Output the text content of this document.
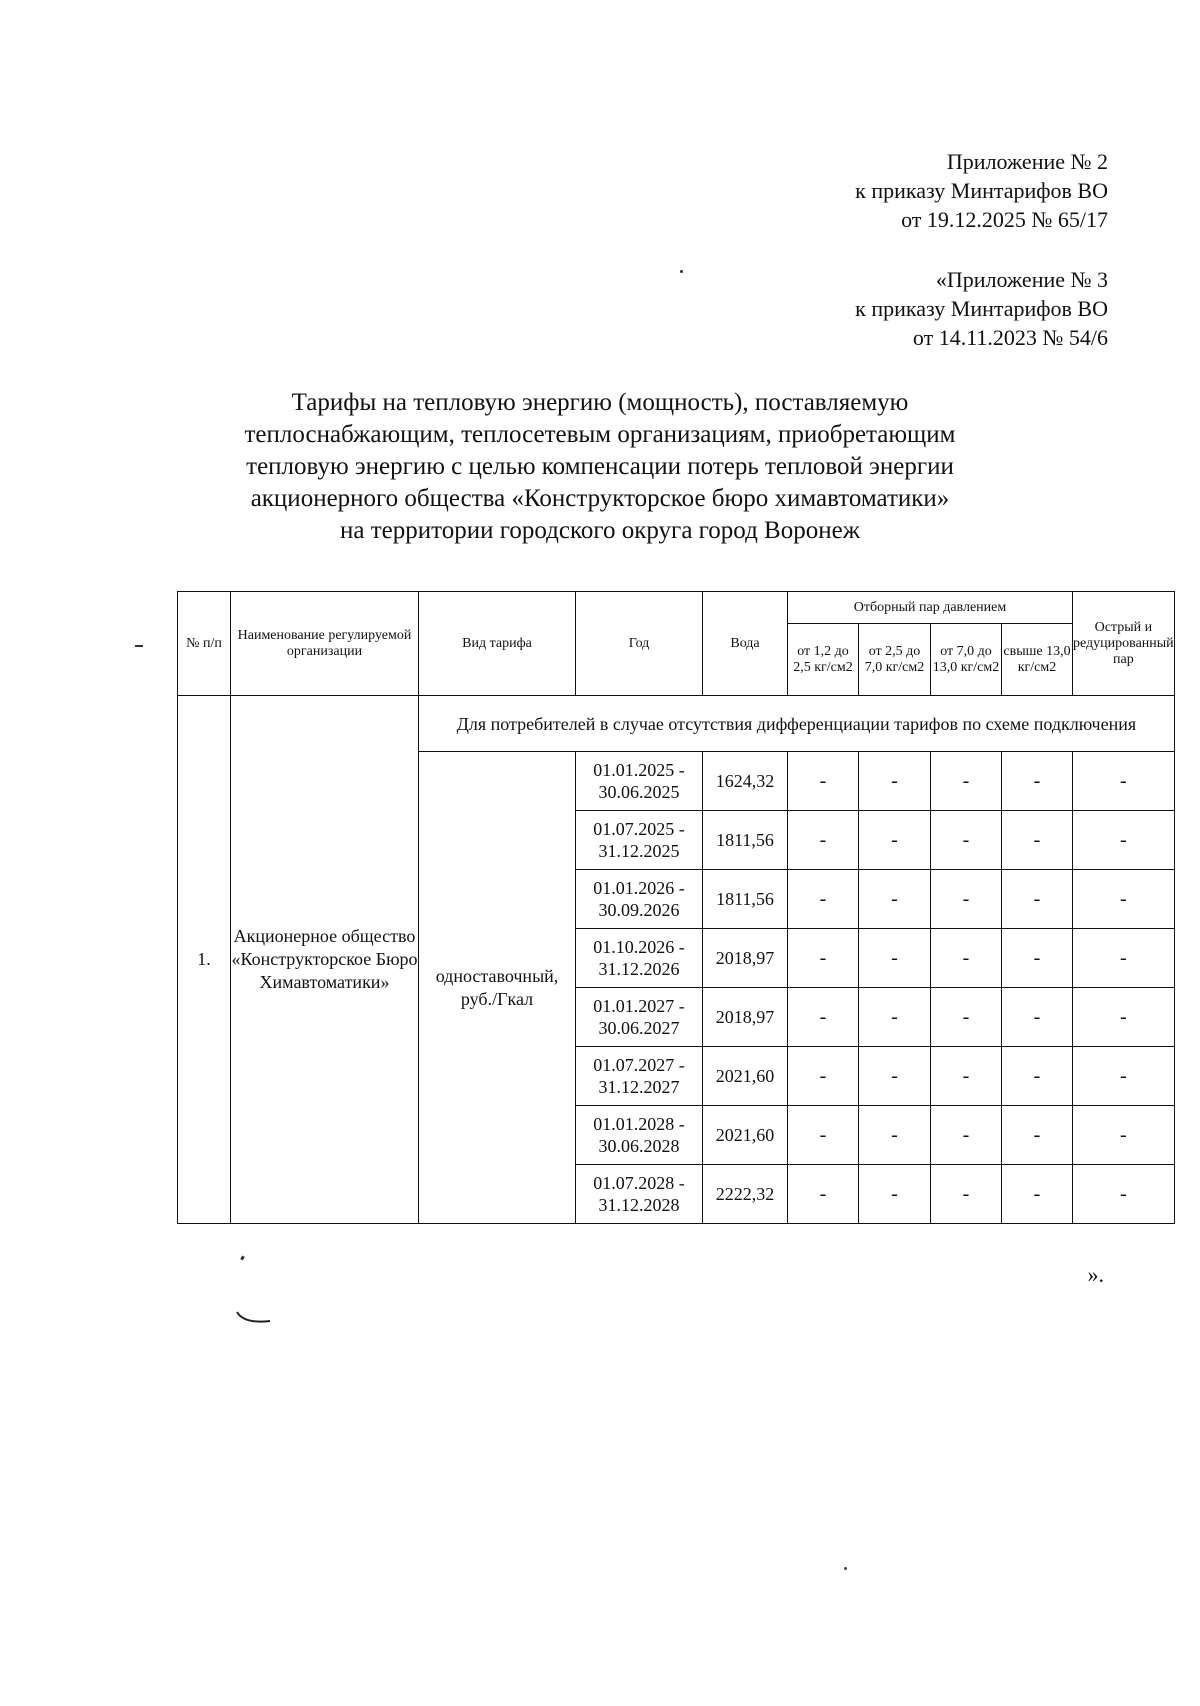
Приложение № 2
к приказу Минтарифов ВО
от 19.12.2025 № 65/17
«Приложение № 3
к приказу Минтарифов ВО
от 14.11.2023 № 54/6
Тарифы на тепловую энергию (мощность), поставляемую
теплоснабжающим, теплосетевым организациям, приобретающим
тепловую энергию с целью компенсации потерь тепловой энергии
акционерного общества «Конструкторское бюро химавтоматики»
на территории городского округа город Воронеж
№ п/п	Наименование регулируемой организации	Вид тарифа	Год	Вода	Отборный пар давлением				Острый и редуцированный пар
					от 1,2 до 2,5 кг/см2	от 2,5 до 7,0 кг/см2	от 7,0 до 13,0 кг/см2	свыше 13,0 кг/см2	
1.	Акционерное общество «Конструкторское Бюро Химавтоматики»	Для потребителей в случае отсутствия дифференциации тарифов по схеме подключения							
		одноставочный, руб./Гкал	01.01.2025 - 30.06.2025	1624,32	-	-	-	-	-
			01.07.2025 - 31.12.2025	1811,56	-	-	-	-	-
			01.01.2026 - 30.09.2026	1811,56	-	-	-	-	-
			01.10.2026 - 31.12.2026	2018,97	-	-	-	-	-
			01.01.2027 - 30.06.2027	2018,97	-	-	-	-	-
			01.07.2027 - 31.12.2027	2021,60	-	-	-	-	-
			01.01.2028 - 30.06.2028	2021,60	-	-	-	-	-
			01.07.2028 - 31.12.2028	2222,32	-	-	-	-	-
».
